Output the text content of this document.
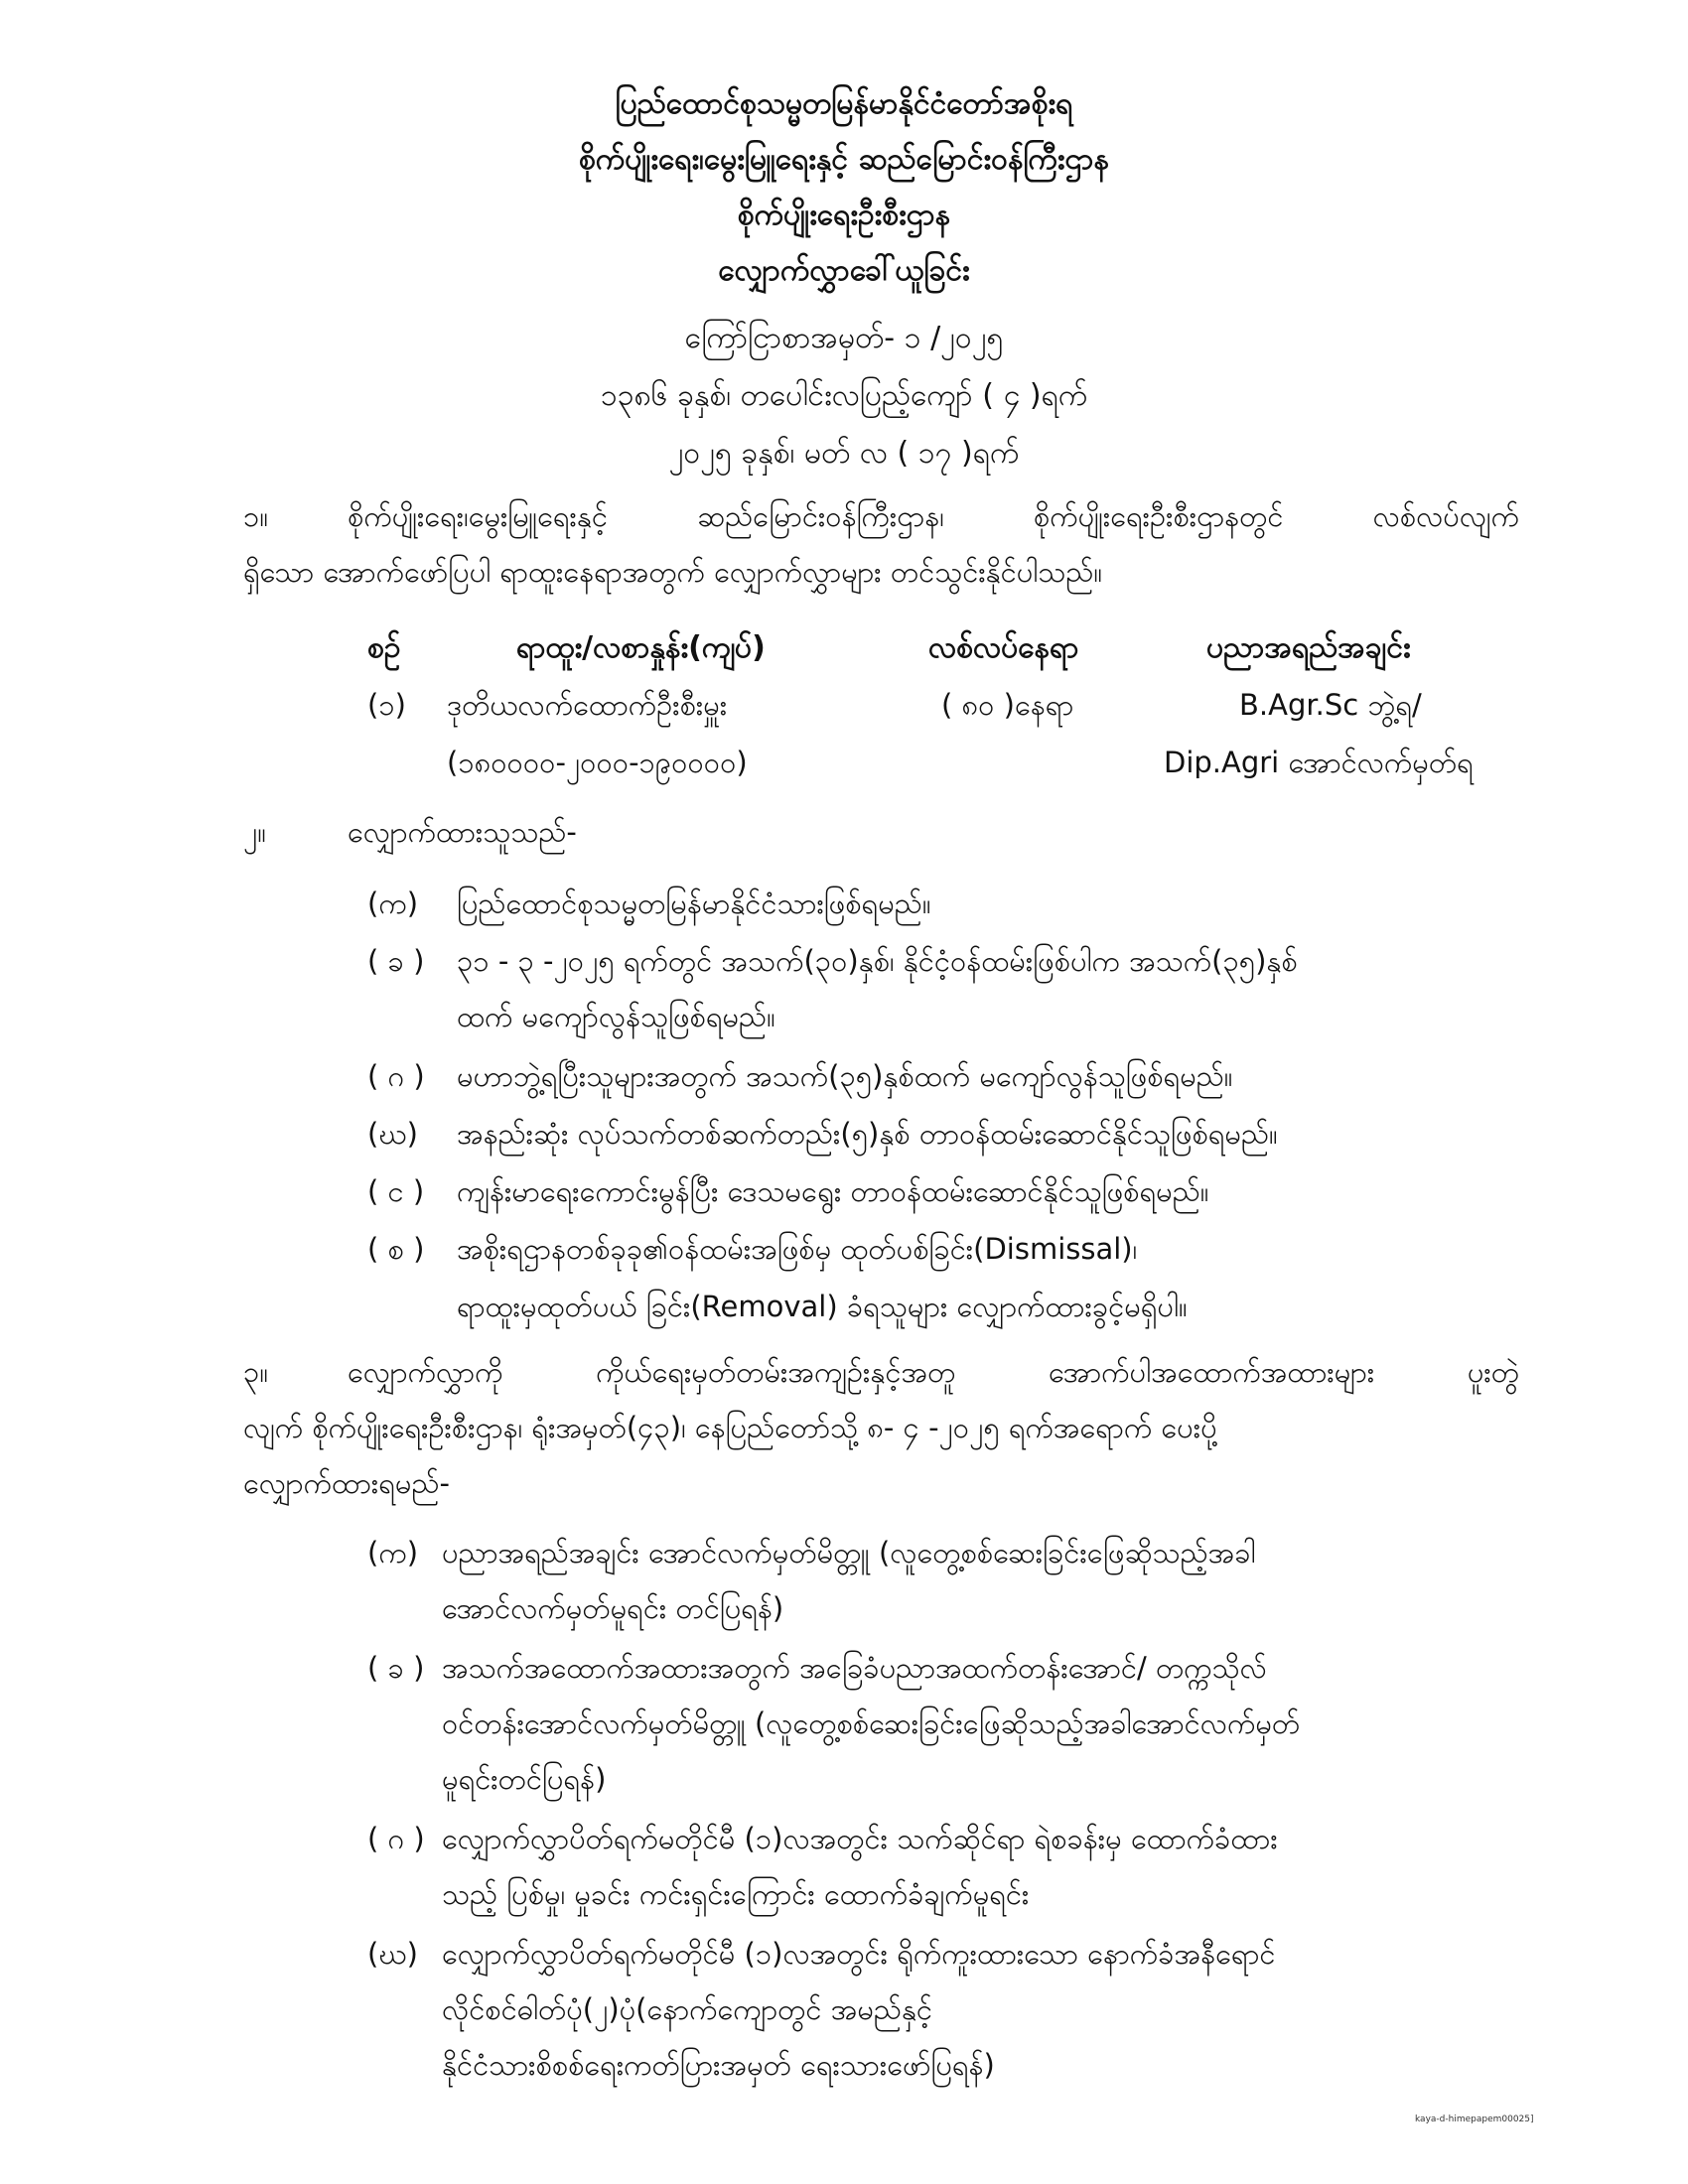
ပြည်ထောင်စုသမ္မတမြန်မာနိုင်ငံတော်အစိုးရ
စိုက်ပျိုးရေး၊မွေးမြူရေးနှင့် ဆည်မြောင်းဝန်ကြီးဌာန
စိုက်ပျိုးရေးဦးစီးဌာန
လျှောက်လွှာခေါ်ယူခြင်း
ကြော်ငြာစာအမှတ်- ၁ /၂၀၂၅
၁၃၈၆ ခုနှစ်၊ တပေါင်းလပြည့်ကျော် ( ၄ )ရက်
၂၀၂၅ ခုနှစ်၊ မတ် လ ( ၁၇ )ရက်
၁။	စိုက်ပျိုးရေး၊မွေးမြူရေးနှင့် ဆည်မြောင်းဝန်ကြီးဌာန၊ စိုက်ပျိုးရေးဦးစီးဌာနတွင် လစ်လပ်လျက်
ရှိသော အောက်ဖော်ပြပါ ရာထူးနေရာအတွက် လျှောက်လွှာများ တင်သွင်းနိုင်ပါသည်။
စဉ်	ရာထူး/လစာနှုန်း(ကျပ်)	လစ်လပ်နေရာ	ပညာအရည်အချင်း
(၁) ဒုတိယလက်ထောက်ဦးစီးမှူး	( ၈၀ )နေရာ	B.Agr.Sc ဘွဲ့ရ/
(၁၈၀၀၀၀-၂၀၀၀-၁၉၀၀၀၀)	Dip.Agri အောင်လက်မှတ်ရ
၂။	လျှောက်ထားသူသည်-
(က) ပြည်ထောင်စုသမ္မတမြန်မာနိုင်ငံသားဖြစ်ရမည်။
( ခ ) ၃၁ - ၃ -၂၀၂၅ ရက်တွင် အသက်(၃၀)နှစ်၊ နိုင်ငံ့ဝန်ထမ်းဖြစ်ပါက အသက်(၃၅)နှစ်
ထက် မကျော်လွန်သူဖြစ်ရမည်။
( ဂ ) မဟာဘွဲ့ရပြီးသူများအတွက် အသက်(၃၅)နှစ်ထက် မကျော်လွန်သူဖြစ်ရမည်။
(ဃ) အနည်းဆုံး လုပ်သက်တစ်ဆက်တည်း(၅)နှစ် တာဝန်ထမ်းဆောင်နိုင်သူဖြစ်ရမည်။
( င ) ကျန်းမာရေးကောင်းမွန်ပြီး ဒေသမရွေး တာဝန်ထမ်းဆောင်နိုင်သူဖြစ်ရမည်။
( စ ) အစိုးရဌာနတစ်ခုခု၏ဝန်ထမ်းအဖြစ်မှ ထုတ်ပစ်ခြင်း(Dismissal)၊
ရာထူးမှထုတ်ပယ် ခြင်း(Removal) ခံရသူများ လျှောက်ထားခွင့်မရှိပါ။
၃။	လျှောက်လွှာကို ကိုယ်ရေးမှတ်တမ်းအကျဉ်းနှင့်အတူ အောက်ပါအထောက်အထားများ ပူးတွဲ
လျက် စိုက်ပျိုးရေးဦးစီးဌာန၊ ရုံးအမှတ်(၄၃)၊ နေပြည်တော်သို့ ၈- ၄ -၂၀၂၅ ရက်အရောက် ပေးပို့
လျှောက်ထားရမည်-
(က) ပညာအရည်အချင်း အောင်လက်မှတ်မိတ္တူ (လူတွေ့စစ်ဆေးခြင်းဖြေဆိုသည့်အခါ
အောင်လက်မှတ်မူရင်း တင်ပြရန်)
( ခ ) အသက်အထောက်အထားအတွက် အခြေခံပညာအထက်တန်းအောင်/ တက္ကသိုလ်
ဝင်တန်းအောင်လက်မှတ်မိတ္တူ (လူတွေ့စစ်ဆေးခြင်းဖြေဆိုသည့်အခါအောင်လက်မှတ်
မူရင်းတင်ပြရန်)
( ဂ ) လျှောက်လွှာပိတ်ရက်မတိုင်မီ (၁)လအတွင်း သက်ဆိုင်ရာ ရဲစခန်းမှ ထောက်ခံထား
သည့် ပြစ်မှု၊ မှုခင်း ကင်းရှင်းကြောင်း ထောက်ခံချက်မူရင်း
(ဃ) လျှောက်လွှာပိတ်ရက်မတိုင်မီ (၁)လအတွင်း ရိုက်ကူးထားသော နောက်ခံအနီရောင်
လိုင်စင်ဓါတ်ပုံ(၂)ပုံ(နောက်ကျောတွင် အမည်နှင့်
နိုင်ငံသားစိစစ်ရေးကတ်ပြားအမှတ် ရေးသားဖော်ပြရန်)
kaya-d-himepapem00025]
